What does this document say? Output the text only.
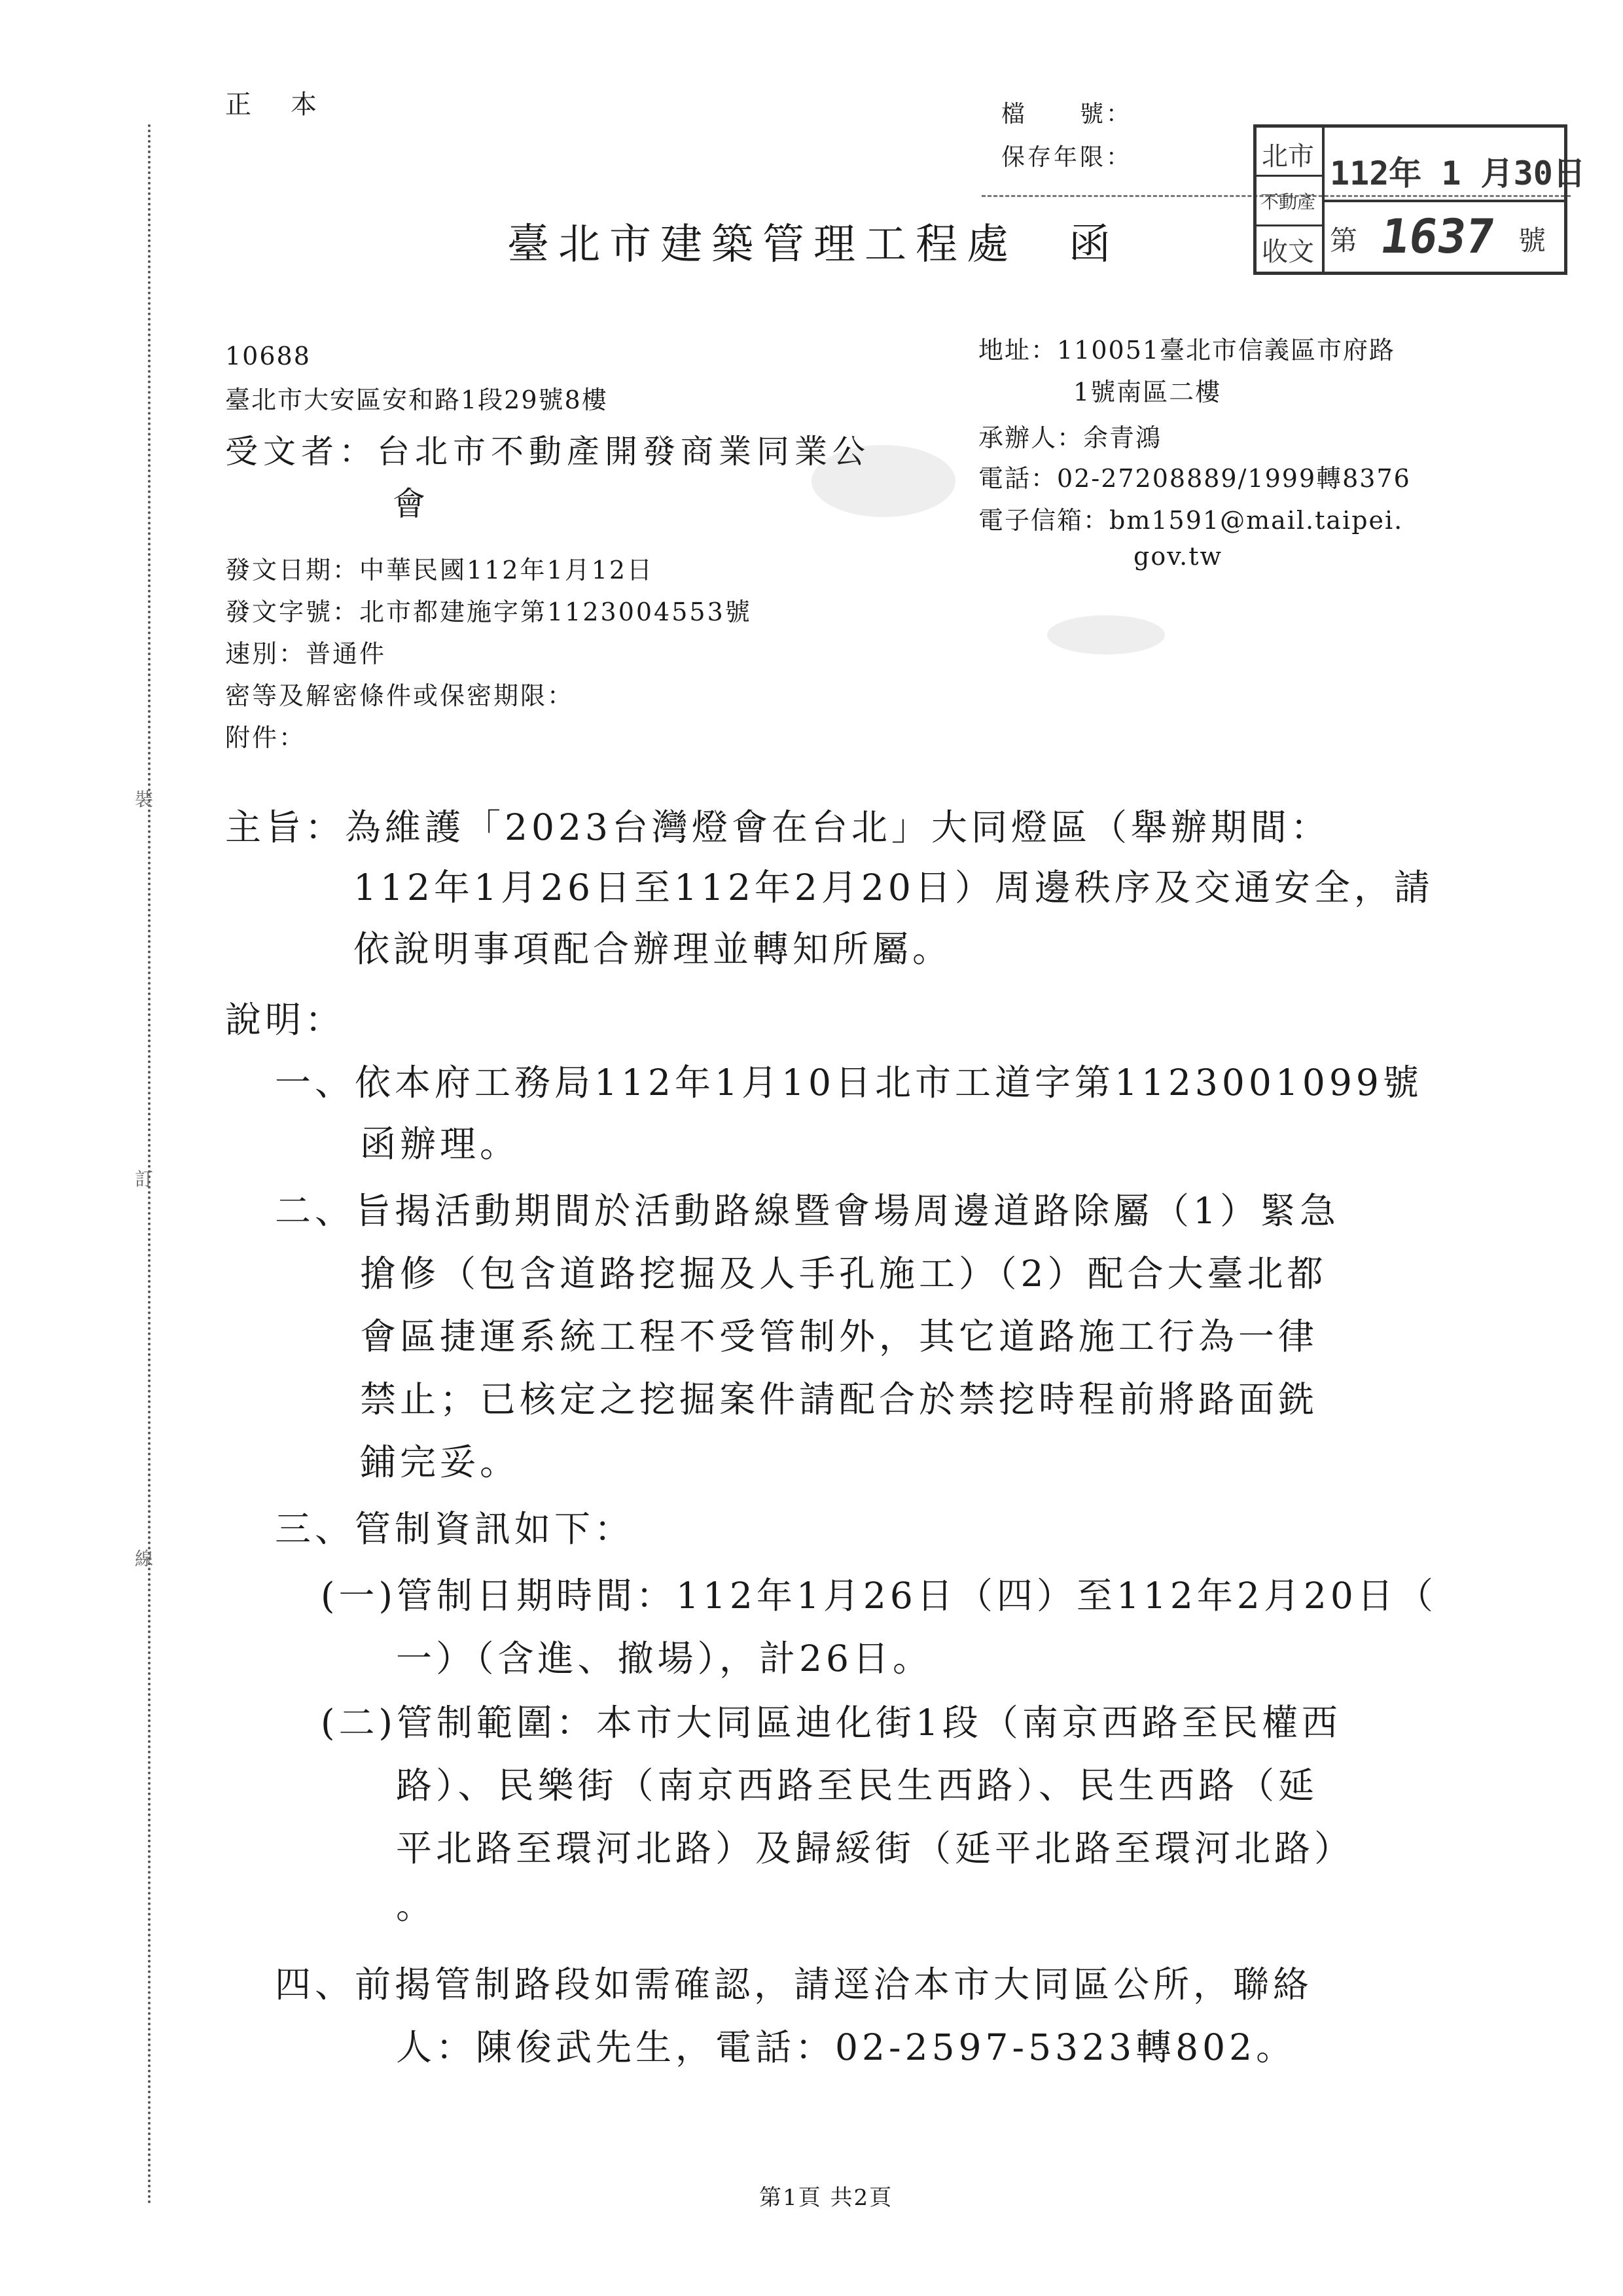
裝
訂
線
正　本	檔　　號：
保存年限：
臺北市建築管理工程處　函
北市
不動產
收文
112年 1 月30日
第 1637 號
10688
臺北市大安區安和路1段29號8樓
受文者：台北市不動產開發商業同業公
會
地址：110051臺北市信義區市府路
1號南區二樓
承辦人：余青鴻
電話：02-27208889/1999轉8376
電子信箱：bm1591@mail.taipei.
gov.tw
發文日期：中華民國112年1月12日
發文字號：北市都建施字第1123004553號
速別：普通件
密等及解密條件或保密期限：
附件：
主旨：為維護「2023台灣燈會在台北」大同燈區（舉辦期間：
112年1月26日至112年2月20日）周邊秩序及交通安全，請
依說明事項配合辦理並轉知所屬。
說明：
一、依本府工務局112年1月10日北市工道字第1123001099號
函辦理。
二、旨揭活動期間於活動路線暨會場周邊道路除屬（1）緊急
搶修（包含道路挖掘及人手孔施工）（2）配合大臺北都
會區捷運系統工程不受管制外，其它道路施工行為一律
禁止；已核定之挖掘案件請配合於禁挖時程前將路面銑
鋪完妥。
三、管制資訊如下：
(一)管制日期時間：112年1月26日（四）至112年2月20日（
一）（含進、撤場），計26日。
(二)管制範圍：本市大同區迪化街1段（南京西路至民權西
路）、民樂街（南京西路至民生西路）、民生西路（延
平北路至環河北路）及歸綏街（延平北路至環河北路）
。
四、前揭管制路段如需確認，請逕洽本市大同區公所，聯絡
人：陳俊武先生，電話：02-2597-5323轉802。
第1頁 共2頁
